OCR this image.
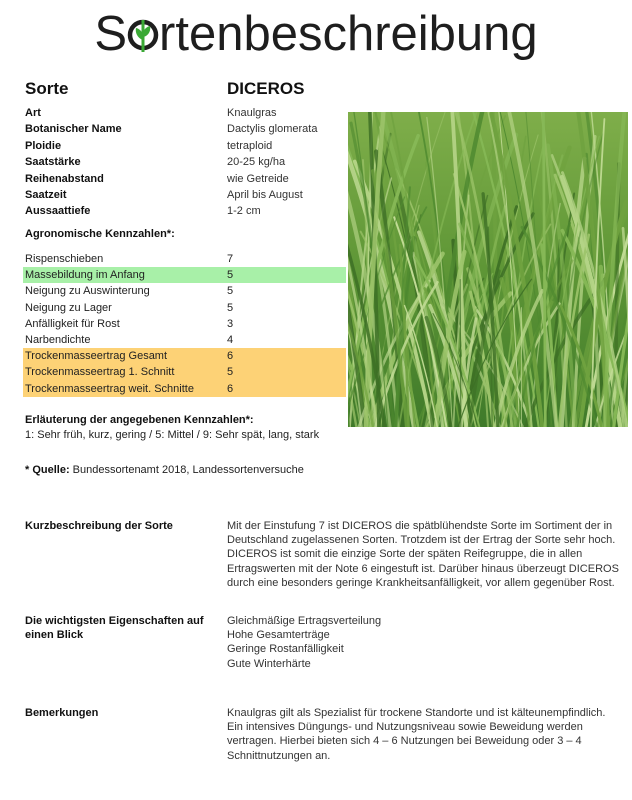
S rtenbeschreibung
Sorte	DICEROS
Art	Knaulgras
Botanischer Name	Dactylis glomerata
Ploidie	tetraploid
Saatstärke	20-25 kg/ha
Reihenabstand	wie Getreide
Saatzeit	April bis August
Aussaattiefe	1-2 cm
Agronomische Kennzahlen*:
Rispenschieben	7
Massebildung im Anfang	5
Neigung zu Auswinterung	5
Neigung zu Lager	5
Anfälligkeit für Rost	3
Narbendichte	4
Trockenmasseertrag Gesamt	6
Trockenmasseertrag 1. Schnitt	5
Trockenmasseertrag weit. Schnitte	6
Erläuterung der angegebenen Kennzahlen*:
1: Sehr früh, kurz, gering / 5: Mittel / 9: Sehr spät, lang, stark
* Quelle: Bundessortenamt 2018, Landessortenversuche
Kurzbeschreibung der Sorte	Mit der Einstufung 7 ist DICEROS die spätblühendste Sorte im Sortiment der in
Deutschland zugelassenen Sorten. Trotzdem ist der Ertrag der Sorte sehr hoch.
DICEROS ist somit die einzige Sorte der späten Reifegruppe, die in allen
Ertragswerten mit der Note 6 eingestuft ist. Darüber hinaus überzeugt DICEROS
durch eine besonders geringe Krankheitsanfälligkeit, vor allem gegenüber Rost.
Die wichtigsten Eigenschaften auf einen Blick
Gleichmäßige Ertragsverteilung
Hohe Gesamterträge
Geringe Rostanfälligkeit
Gute Winterhärte
Bemerkungen	Knaulgras gilt als Spezialist für trockene Standorte und ist kälteunempfindlich.
Ein intensives Düngungs- und Nutzungsniveau sowie Beweidung werden
vertragen. Hierbei bieten sich 4 – 6 Nutzungen bei Beweidung oder 3 – 4
Schnittnutzungen an.
